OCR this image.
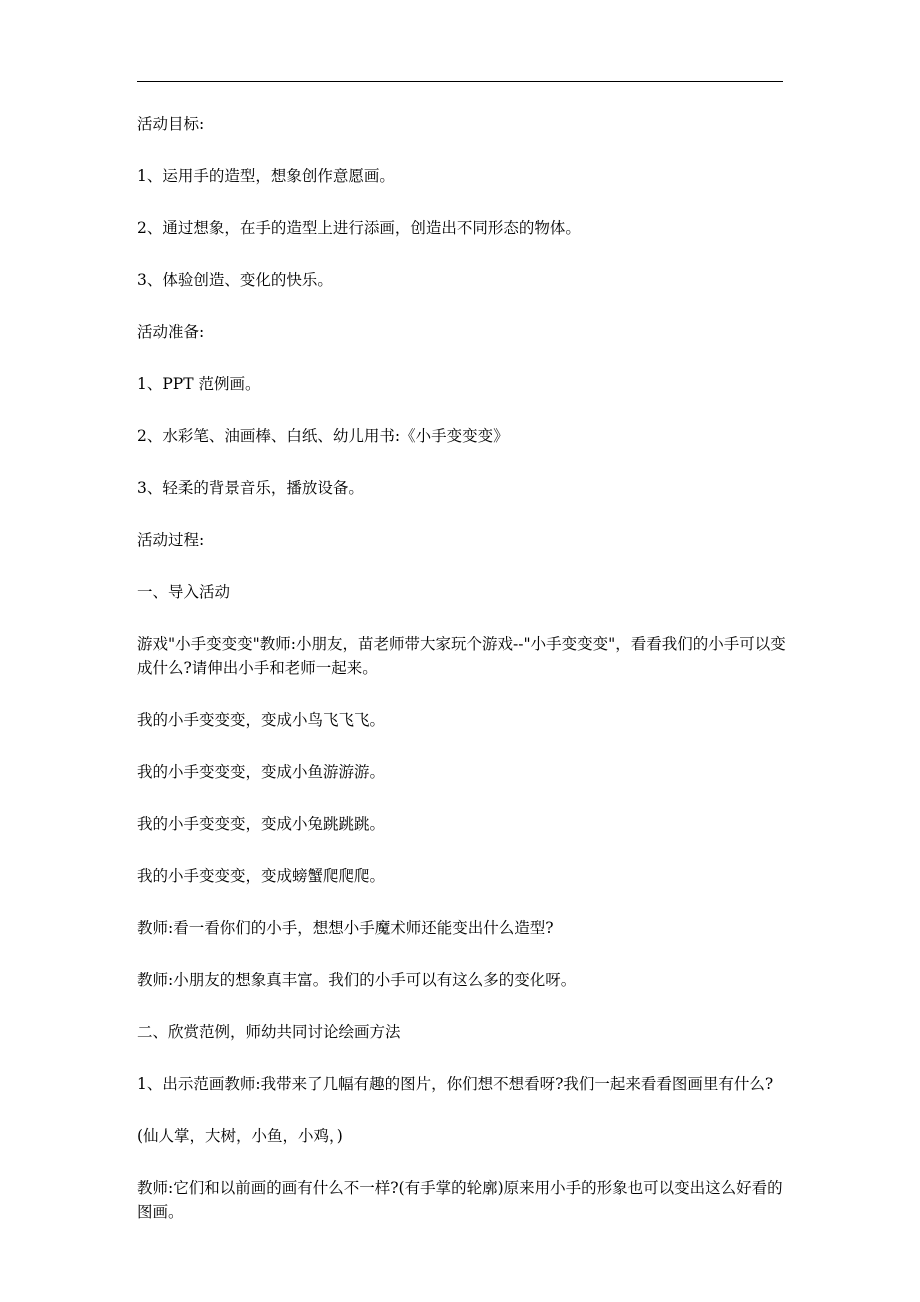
活动目标:

1、运用手的造型，想象创作意愿画。

2、通过想象，在手的造型上进行添画，创造出不同形态的物体。

3、体验创造、变化的快乐。

活动准备:

1、PPT 范例画。

2、水彩笔、油画棒、白纸、幼儿用书:《小手变变变》

3、轻柔的背景音乐，播放设备。

活动过程:

一、导入活动

游戏"小手变变变"教师:小朋友，苗老师带大家玩个游戏--"小手变变变"，看看我们的小手可以变成什么?请伸出小手和老师一起来。

我的小手变变变，变成小鸟飞飞飞。

我的小手变变变，变成小鱼游游游。

我的小手变变变，变成小兔跳跳跳。

我的小手变变变，变成螃蟹爬爬爬。

教师:看一看你们的小手，想想小手魔术师还能变出什么造型?

教师:小朋友的想象真丰富。我们的小手可以有这么多的变化呀。

二、欣赏范例，师幼共同讨论绘画方法

1、出示范画教师:我带来了几幅有趣的图片，你们想不想看呀?我们一起来看看图画里有什么?

(仙人掌，大树，小鱼，小鸡，)

教师:它们和以前画的画有什么不一样?(有手掌的轮廓)原来用小手的形象也可以变出这么好看的图画。
